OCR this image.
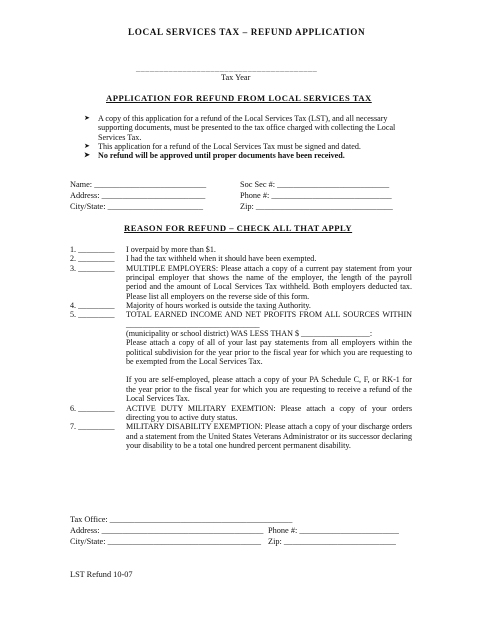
LOCAL SERVICES TAX – REFUND APPLICATION
_______________________________________
Tax Year
APPLICATION FOR REFUND FROM LOCAL SERVICES TAX
➤	A copy of this application for a refund of the Local Services Tax (LST), and all necessary supporting documents, must be presented to the tax office charged with collecting the Local Services Tax.
➤	This application for a refund of the Local Services Tax must be signed and dated.
➤	No refund will be approved until proper documents have been received.
Name: ___________________________
Address: _________________________
City/State: _______________________
Soc Sec #: ___________________________
Phone #: _____________________________
Zip: _________________________________
REASON FOR REFUND – CHECK ALL THAT APPLY
1. _________	I overpaid by more than $1.
2. _________	I had the tax withheld when it should have been exempted.
3. _________	MULTIPLE EMPLOYERS: Please attach a copy of a current pay statement from your principal employer that shows the name of the employer, the length of the payroll period and the amount of Local Services Tax withheld. Both employers deducted tax. Please list all employers on the reverse side of this form.
4. _________	Majority of hours worked is outside the taxing Authority.
5. _________	TOTAL EARNED INCOME AND NET PROFITS FROM ALL SOURCES WITHIN _________________________________
(municipality or school district) WAS LESS THAN $ _________________:
Please attach a copy of all of your last pay statements from all employers within the political subdivision for the year prior to the fiscal year for which you are requesting to be exempted from the Local Services Tax.
If you are self-employed, please attach a copy of your PA Schedule C, F, or RK-1 for the year prior to the fiscal year for which you are requesting to receive a refund of the Local Services Tax.
6. _________	ACTIVE DUTY MILITARY EXEMTION: Please attach a copy of your orders directing you to active duty status.
7. _________	MILITARY DISABILITY EXEMPTION: Please attach a copy of your discharge orders and a statement from the United States Veterans Administrator or its successor declaring your disability to be a total one hundred percent permanent disability.
Tax Office: ____________________________________________
Address: _______________________________________
City/State: _____________________________________
Phone #: ________________________
Zip: ___________________________
LST Refund 10-07
